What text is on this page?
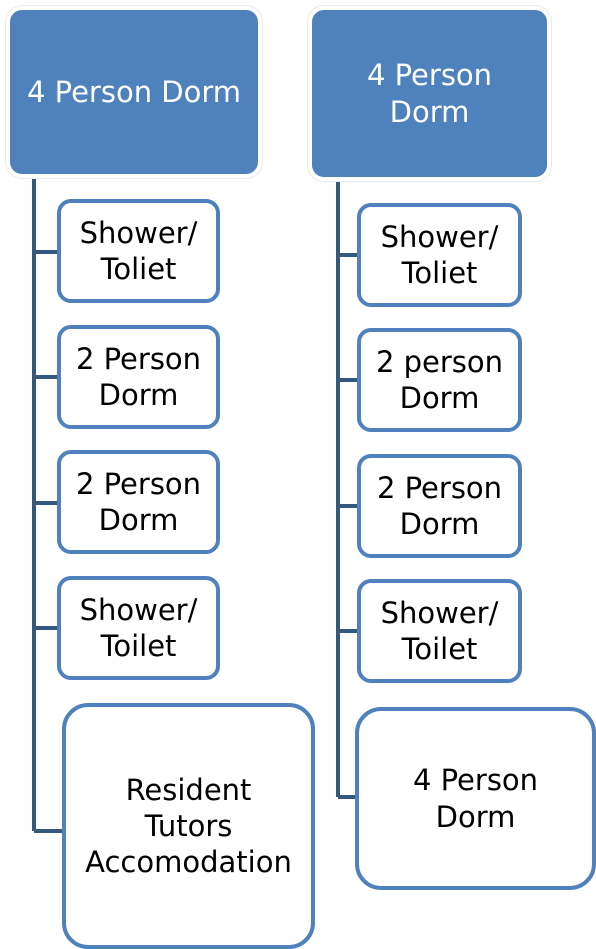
4 Person Dorm
Shower/
Toliet
2 Person
Dorm
2 Person
Dorm
Shower/
Toilet
Resident
Tutors
Accomodation
4 Person
Dorm
Shower/
Toliet
2 person
Dorm
2 Person
Dorm
Shower/
Toilet
4 Person
Dorm
